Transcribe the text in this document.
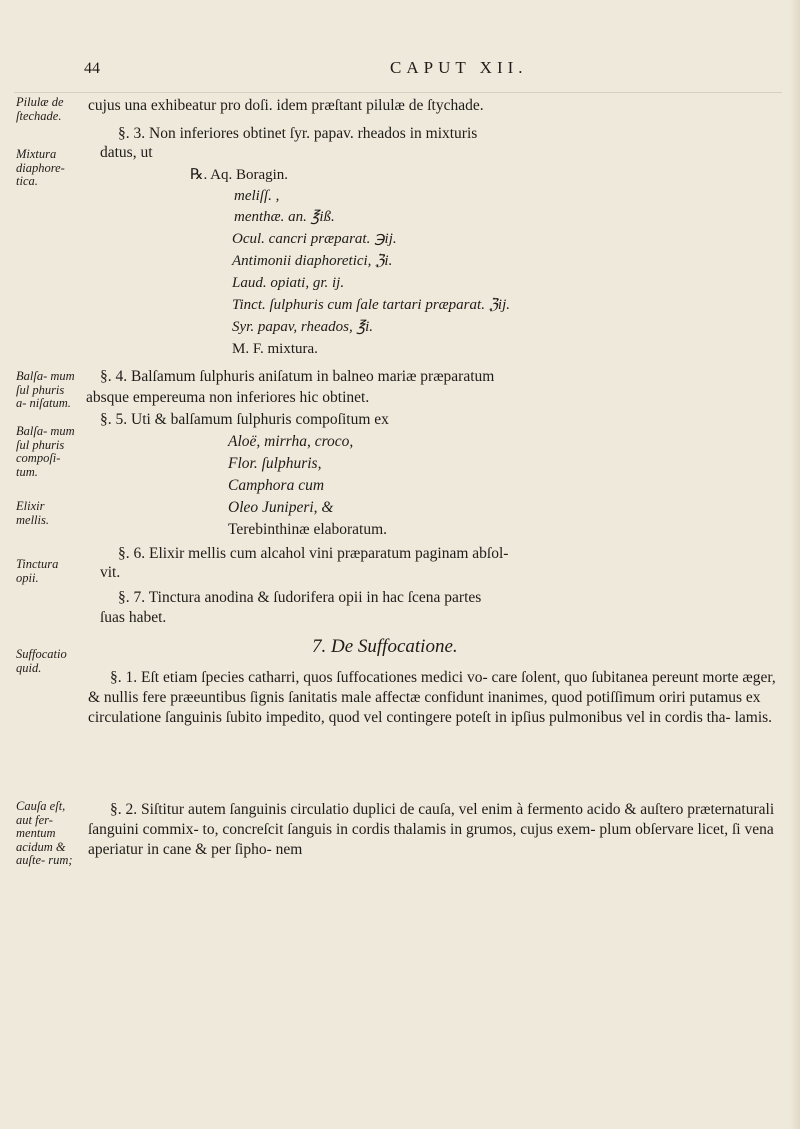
44	CAPUT XII.
Pilulæ de ſtechade.
Mixtura diaphore- tica.
Balſa- mum ſul phuris a- niſatum.
Balſa- mum ſul phuris compoſi- tum.
Elixir mellis.
Tinctura opii.
Suffocatio quid.
Cauſa eſt, aut fer- mentum acidum & auſte- rum;
cujus una exhibeatur pro doſi. idem præſtant pilulæ de ſtychade.
§. 3. Non inferiores obtinet ſyr. papav. rheados in mixturis
datus, ut
℞. Aq. Boragin.
meliſſ. ,
menthæ. an. ℥iß.
Ocul. cancri præparat. ℈ij.
Antimonii diaphoretici, ℨi.
Laud. opiati, gr. ij.
Tinct. ſulphuris cum ſale tartari præparat. ℨij.
Syr. papav, rheados, ℥i.
M. F. mixtura.
§. 4. Balſamum ſulphuris aniſatum in balneo mariæ præparatum
absque empereuma non inferiores hic obtinet.
§. 5. Uti & balſamum ſulphuris compoſitum ex
Aloë, mirrha, croco,
Flor. ſulphuris,
Camphora cum
Oleo Juniperi, &
Terebinthinæ elaboratum.
§. 6. Elixir mellis cum alcahol vini præparatum paginam abſol-
vit.
§. 7. Tinctura anodina & ſudorifera opii in hac ſcena partes
ſuas habet.
7. De Suffocatione.
§. 1. Eſt etiam ſpecies catharri, quos ſuffocationes medici vo- care ſolent, quo ſubitanea pereunt morte æger, & nullis fere præeuntibus ſignis ſanitatis male affectæ confidunt inanimes, quod potiſſimum oriri putamus ex circulatione ſanguinis ſubito impedito, quod vel contingere poteſt in ipſius pulmonibus vel in cordis tha- lamis.
§. 2. Siſtitur autem ſanguinis circulatio duplici de cauſa, vel enim à fermento acido & auſtero præternaturali ſanguini commix- to, concreſcit ſanguis in cordis thalamis in grumos, cujus exem- plum obſervare licet, ſi vena aperiatur in cane & per ſipho- nem
